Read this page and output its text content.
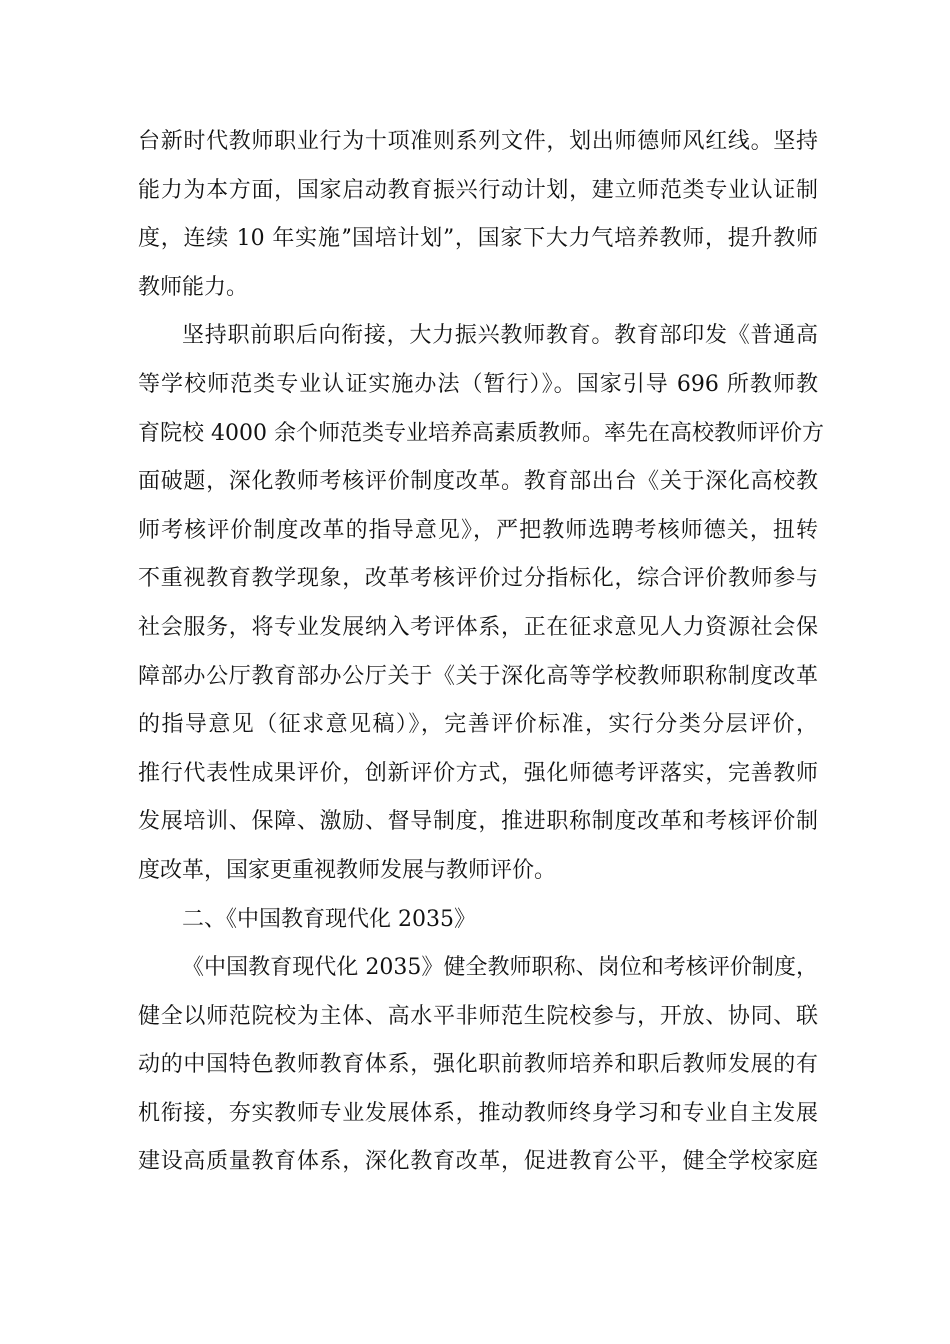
台新时代教师职业行为十项准则系列文件，划出师德师风红线。坚持

能力为本方面，国家启动教育振兴行动计划，建立师范类专业认证制

度，连续 10 年实施ˮ国培计划”，国家下大力气培养教师，提升教师

教师能力。

坚持职前职后向衔接，大力振兴教师教育。教育部印发《普通高

等学校师范类专业认证实施办法（暂行）》。国家引导 696 所教师教

育院校 4000 余个师范类专业培养高素质教师。率先在高校教师评价方

面破题，深化教师考核评价制度改革。教育部出台《关于深化高校教

师考核评价制度改革的指导意见》，严把教师选聘考核师德关，扭转

不重视教育教学现象，改革考核评价过分指标化，综合评价教师参与

社会服务，将专业发展纳入考评体系，正在征求意见人力资源社会保

障部办公厅教育部办公厅关于《关于深化高等学校教师职称制度改革

的指导意见（征求意见稿）》，完善评价标准，实行分类分层评价，

推行代表性成果评价，创新评价方式，强化师德考评落实，完善教师

发展培训、保障、激励、督导制度，推进职称制度改革和考核评价制

度改革，国家更重视教师发展与教师评价。

二、《中国教育现代化 2035》

《中国教育现代化 2035》健全教师职称、岗位和考核评价制度，

健全以师范院校为主体、高水平非师范生院校参与，开放、协同、联

动的中国特色教师教育体系，强化职前教师培养和职后教师发展的有

机衔接，夯实教师专业发展体系，推动教师终身学习和专业自主发展

建设高质量教育体系，深化教育改革，促进教育公平，健全学校家庭
